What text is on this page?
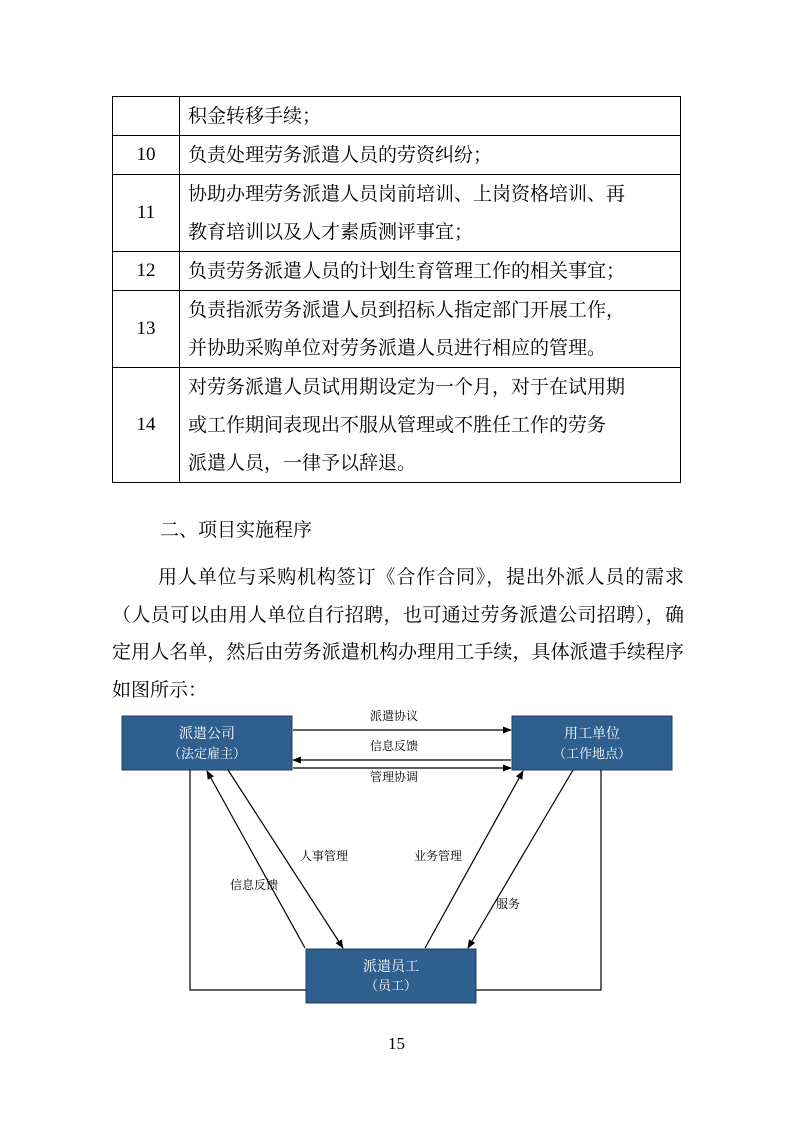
	积金转移手续；
10	负责处理劳务派遣人员的劳资纠纷；
11	协助办理劳务派遣人员岗前培训、上岗资格培训、再
教育培训以及人才素质测评事宜；
12	负责劳务派遣人员的计划生育管理工作的相关事宜；
13	负责指派劳务派遣人员到招标人指定部门开展工作，
并协助采购单位对劳务派遣人员进行相应的管理。
14	对劳务派遣人员试用期设定为一个月，对于在试用期
或工作期间表现出不服从管理或不胜任工作的劳务
派遣人员，一律予以辞退。
二、项目实施程序

用人单位与采购机构签订《合作合同》，提出外派人员的需求（人员可以由用人单位自行招聘，也可通过劳务派遣公司招聘），确定用人名单，然后由劳务派遣机构办理用工手续，具体派遣手续程序如图所示：

派遣公司
（法定雇主）
用工单位
（工作地点）
派遣员工
（员工）
派遣协议
信息反馈
管理协调
人事管理	业务管理
信息反馈
服务
15
